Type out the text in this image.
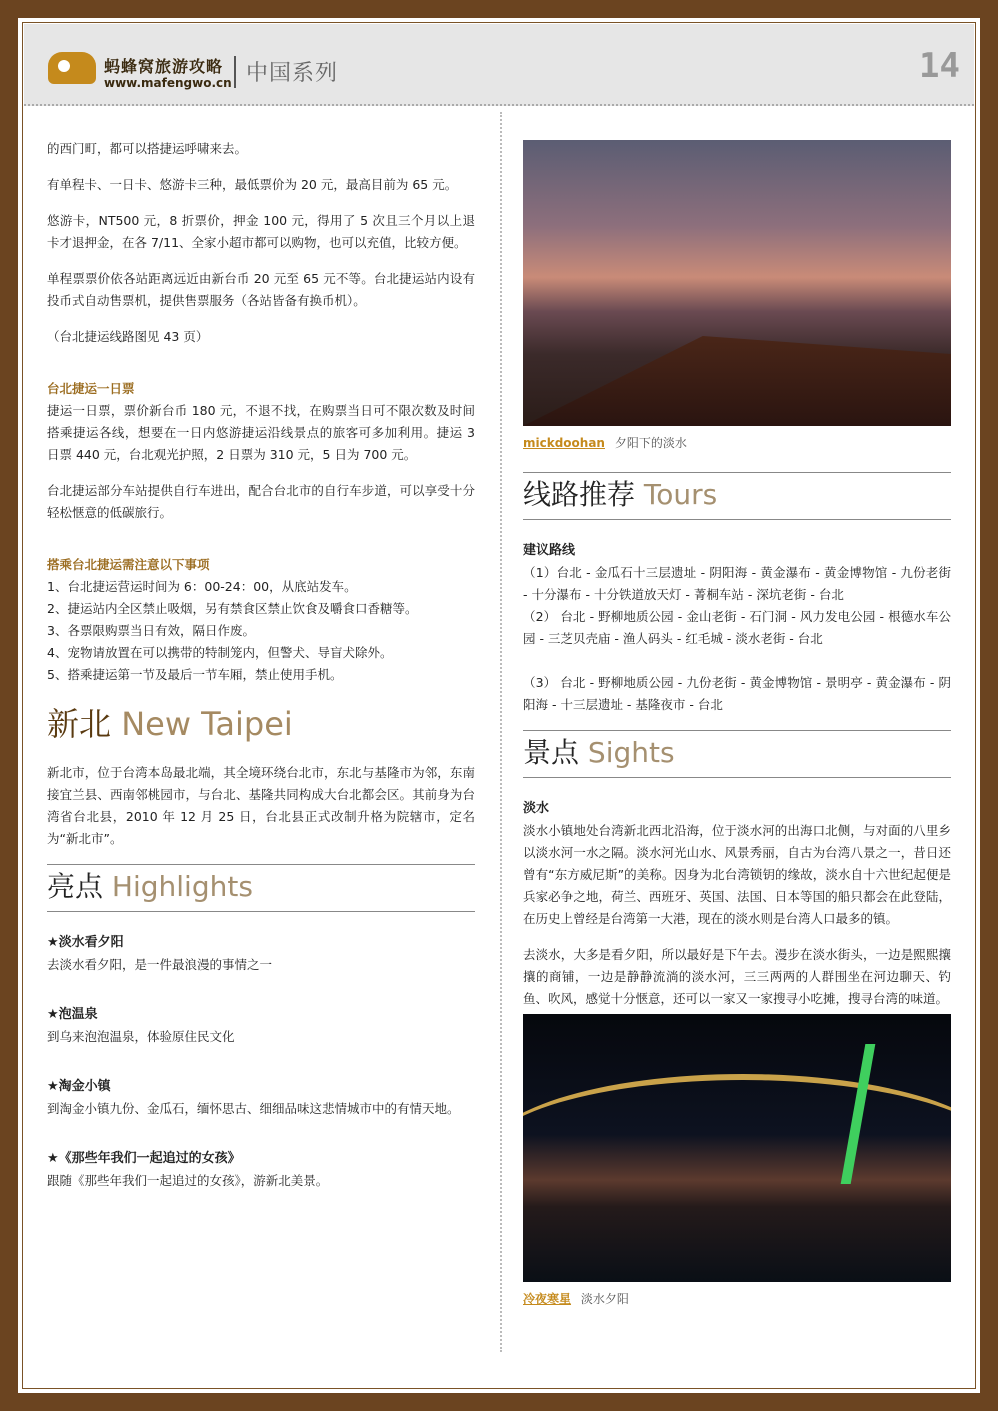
蚂蜂窝旅游攻略
www.mafengwo.cn 中国系列	14

的西门町，都可以搭捷运呼啸来去。

有单程卡、一日卡、悠游卡三种，最低票价为 20 元，最高目前为 65 元。

悠游卡，NT500 元，8 折票价，押金 100 元，得用了 5 次且三个月以上退卡才退押金，在各 7/11、全家小超市都可以购物，也可以充值，比较方便。

单程票票价依各站距离远近由新台币 20 元至 65 元不等。台北捷运站内设有投币式自动售票机，提供售票服务（各站皆备有换币机）。

（台北捷运线路图见 43 页）

台北捷运一日票

捷运一日票，票价新台币 180 元，不退不找，在购票当日可不限次数及时间搭乘捷运各线，想要在一日内悠游捷运沿线景点的旅客可多加利用。捷运 3 日票 440 元，台北观光护照，2 日票为 310 元，5 日为 700 元。

台北捷运部分车站提供自行车进出，配合台北市的自行车步道，可以享受十分轻松惬意的低碳旅行。

搭乘台北捷运需注意以下事项
1、台北捷运营运时间为 6：00-24：00，从底站发车。
2、捷运站内全区禁止吸烟，另有禁食区禁止饮食及嚼食口香糖等。
3、各票限购票当日有效，隔日作废。
4、宠物请放置在可以携带的特制笼内，但警犬、导盲犬除外。
5、搭乘捷运第一节及最后一节车厢，禁止使用手机。
新北 New Taipei

新北市，位于台湾本岛最北端，其全境环绕台北市，东北与基隆市为邻，东南接宜兰县、西南邻桃园市，与台北、基隆共同构成大台北都会区。其前身为台湾省台北县，2010 年 12 月 25 日，台北县正式改制升格为院辖市，定名为“新北市”。

亮点 Highlights
★淡水看夕阳

去淡水看夕阳，是一件最浪漫的事情之一

★泡温泉

到乌来泡泡温泉，体验原住民文化

★淘金小镇

到淘金小镇九份、金瓜石，缅怀思古、细细品味这悲情城市中的有情天地。

★《那些年我们一起追过的女孩》

跟随《那些年我们一起追过的女孩》，游新北美景。

mickdoohan 夕阳下的淡水
线路推荐 Tours
建议路线

（1）台北 - 金瓜石十三层遗址 - 阴阳海 - 黄金瀑布 - 黄金博物馆 - 九份老街 - 十分瀑布 - 十分铁道放天灯 - 菁桐车站 - 深坑老街 - 台北

（2） 台北 - 野柳地质公园 - 金山老街 - 石门洞 - 风力发电公园 - 根德水车公园 - 三芝贝壳庙 - 渔人码头 - 红毛城 - 淡水老街 - 台北

（3） 台北 - 野柳地质公园 - 九份老街 - 黄金博物馆 - 景明亭 - 黄金瀑布 - 阴阳海 - 十三层遗址 - 基隆夜市 - 台北

景点 Sights
淡水

淡水小镇地处台湾新北西北沿海，位于淡水河的出海口北侧，与对面的八里乡以淡水河一水之隔。淡水河光山水、风景秀丽，自古为台湾八景之一，昔日还曾有“东方威尼斯”的美称。因身为北台湾锁钥的缘故，淡水自十六世纪起便是兵家必争之地，荷兰、西班牙、英国、法国、日本等国的船只都会在此登陆，在历史上曾经是台湾第一大港，现在的淡水则是台湾人口最多的镇。

去淡水，大多是看夕阳，所以最好是下午去。漫步在淡水街头，一边是熙熙攘攘的商铺，一边是静静流淌的淡水河，三三两两的人群围坐在河边聊天、钓鱼、吹风，感觉十分惬意，还可以一家又一家搜寻小吃摊，搜寻台湾的味道。

冷夜寒星 淡水夕阳
